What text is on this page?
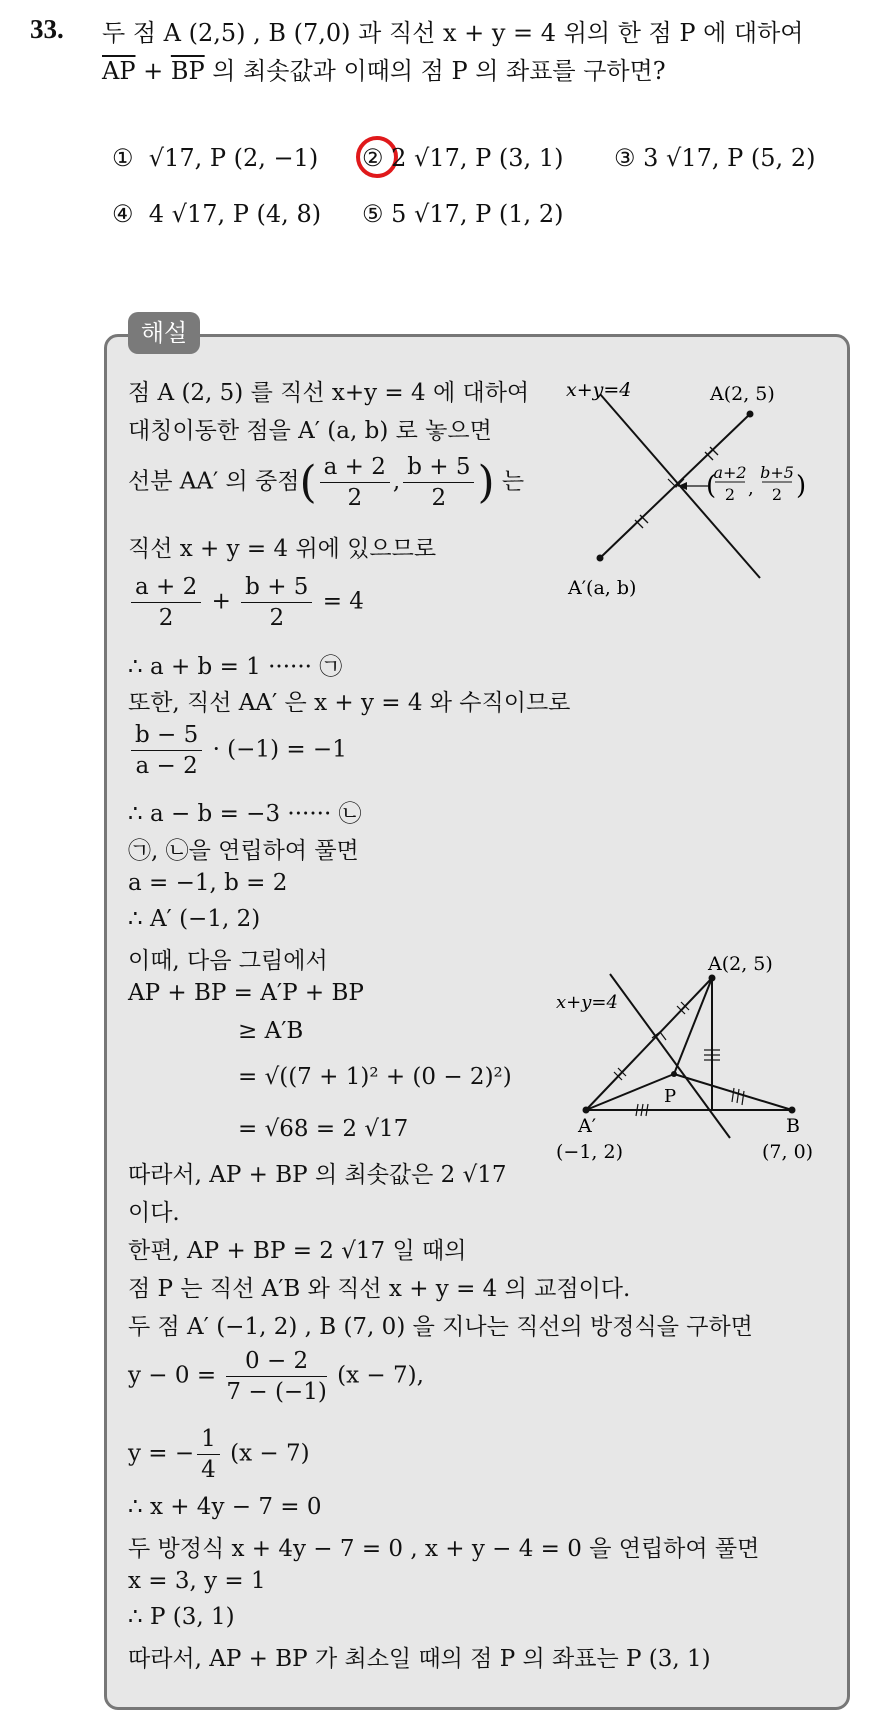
33. 두 점 A (2,5) , B (7,0) 과 직선 x + y = 4 위의 한 점 P 에 대하여
$\overline{AP} + \overline{BP}$ 의 최솟값과 이때의 점 P 의 좌표를 구하면?
① √17, P (2, −1) ② 2 √17, P (3, 1) ③ 3 √17, P (5, 2)
④ 4 √17, P (4, 8) ⑤ 5 √17, P (1, 2)
해설
점 A (2, 5) 를 직선 x+y = 4 에 대하여
대칭이동한 점을 A′ (a, b) 로 놓으면
선분 AA′ 의 중점( $\frac{a + 2}{2}$ , $\frac{b + 5}{2}$ ) 는
직선 x + y = 4 위에 있으므로
$\frac{a + 2}{2} + \frac{b + 5}{2} = 4$
∴ a + b = 1 ······ ㉠
또한, 직선 AA′ 은 x + y = 4 와 수직이므로
$\frac{b - 5}{a - 2} \cdot (-1) = -1$
∴ a − b = −3 ······ ㉡
㉠, ㉡을 연립하여 풀면
a = −1, b = 2
∴ A′ (−1, 2)
이때, 다음 그림에서
AP + BP = A′P + BP
≥ A′B
= √((7 + 1)² + (0 − 2)²)
= √68 = 2 √17
따라서, AP + BP 의 최솟값은 2 √17
이다.
한편, AP + BP = 2 √17 일 때의
점 P 는 직선 A′B 와 직선 x + y = 4 의 교점이다.
두 점 A′ (−1, 2) , B (7, 0) 을 지나는 직선의 방정식을 구하면
$y - 0 = \frac{0 - 2}{7 - (-1)} (x - 7)$,
y = − $\frac{1}{4} (x - 7)$
∴ x + 4y − 7 = 0
두 방정식 x + 4y − 7 = 0 , x + y − 4 = 0 을 연립하여 풀면
x = 3, y = 1
∴ P (3, 1)
따라서, AP + BP 가 최소일 때의 점 P 의 좌표는 P (3, 1)
x+y=4	A(2, 5)
A′(a, b)
(
a+2
2 ,
b+5
2 )
A(2, 5)
x+y=4
P
A′
(−1, 2)
B
(7, 0)
